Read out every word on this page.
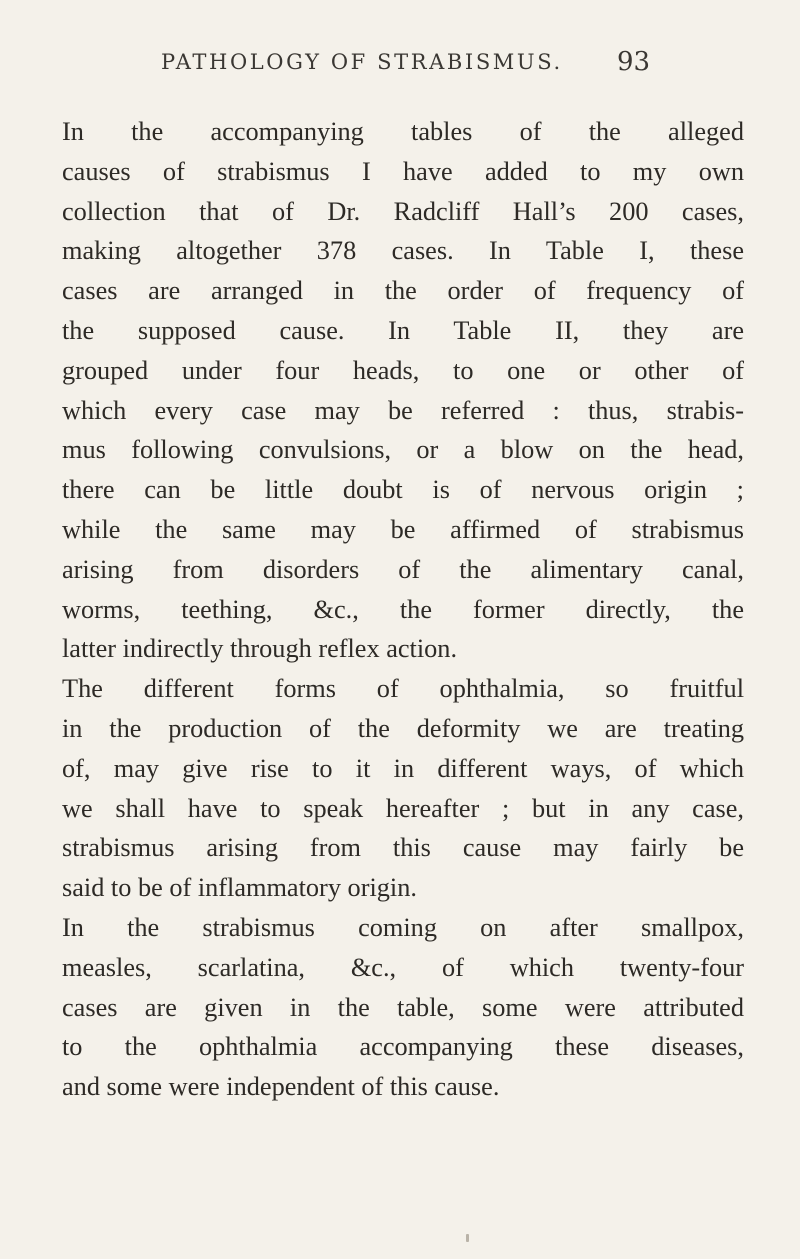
PATHOLOGY OF STRABISMUS. 93
In the accompanying tables of the alleged
causes of strabismus I have added to my own
collection that of Dr. Radcliff Hall’s 200 cases,
making altogether 378 cases. In Table I, these
cases are arranged in the order of frequency of
the supposed cause. In Table II, they are
grouped under four heads, to one or other of
which every case may be referred : thus, strabis-
mus following convulsions, or a blow on the head,
there can be little doubt is of nervous origin ;
while the same may be affirmed of strabismus
arising from disorders of the alimentary canal,
worms, teething, &c., the former directly, the
latter indirectly through reflex action.
The different forms of ophthalmia, so fruitful
in the production of the deformity we are treating
of, may give rise to it in different ways, of which
we shall have to speak hereafter ; but in any case,
strabismus arising from this cause may fairly be
said to be of inflammatory origin.
In the strabismus coming on after smallpox,
measles, scarlatina, &c., of which twenty-four
cases are given in the table, some were attributed
to the ophthalmia accompanying these diseases,
and some were independent of this cause.
